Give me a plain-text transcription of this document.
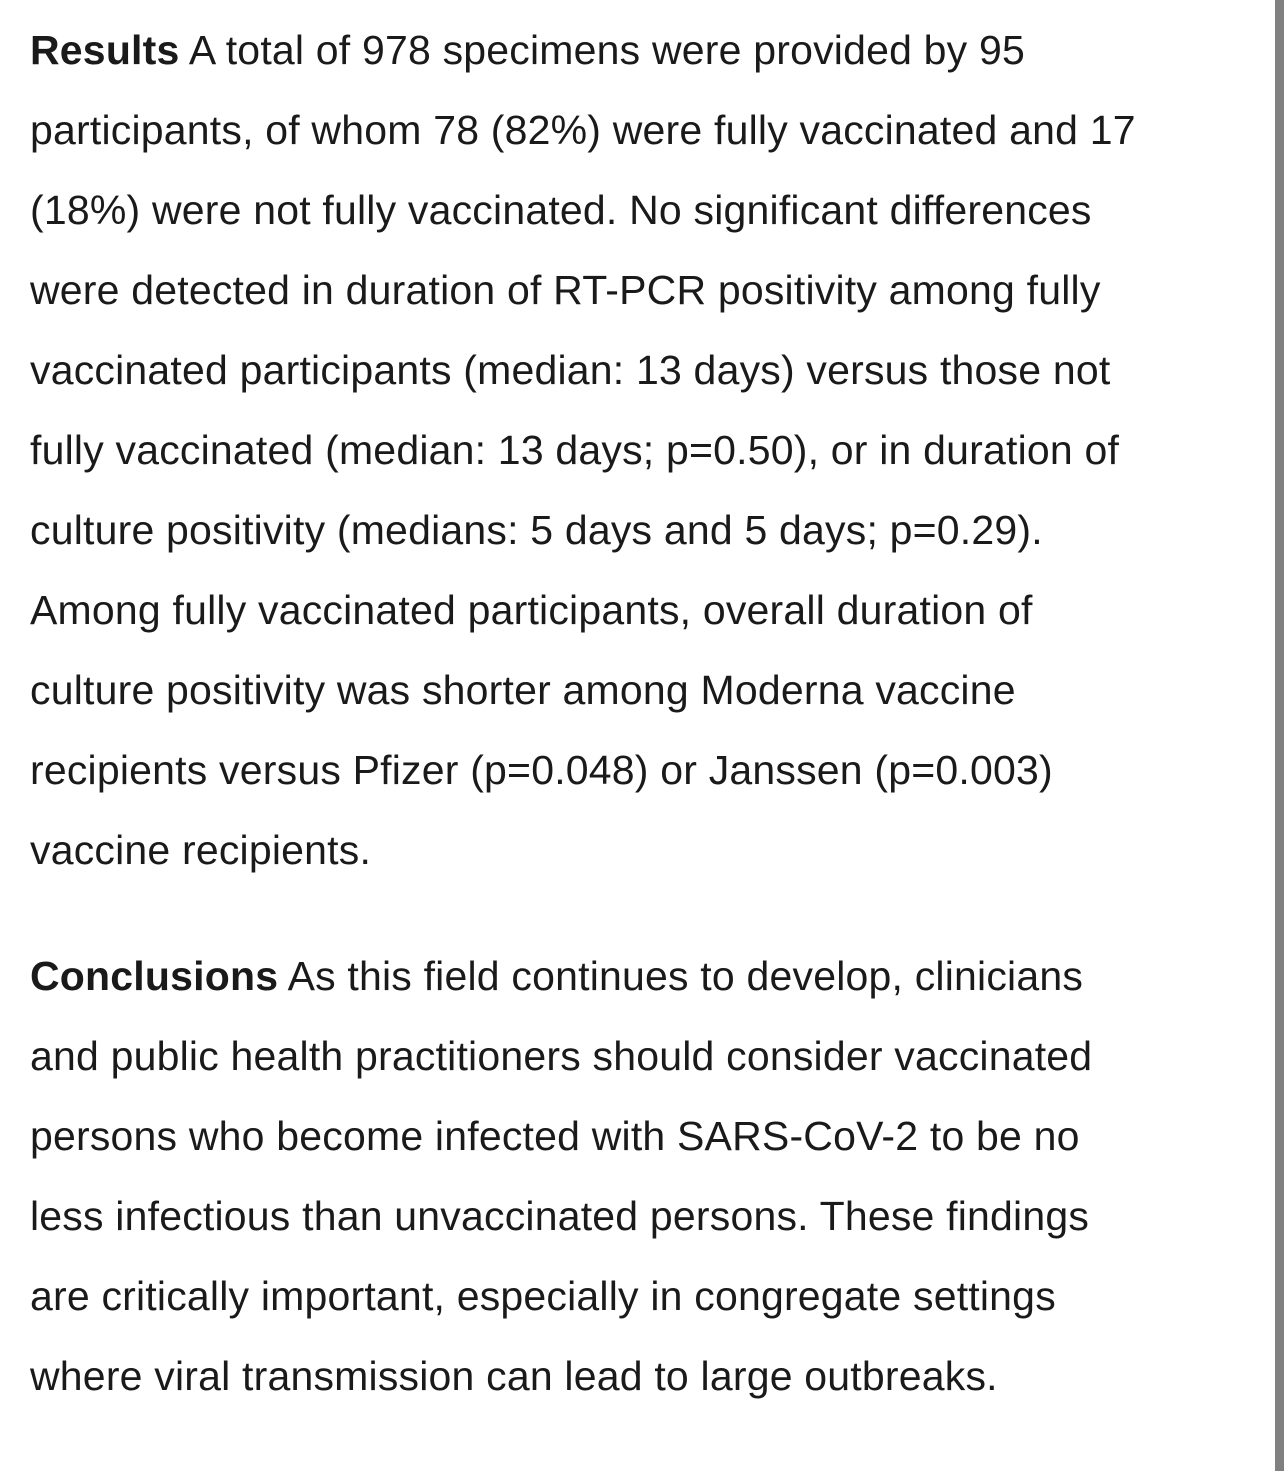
Results A total of 978 specimens were provided by 95
participants, of whom 78 (82%) were fully vaccinated and 17
(18%) were not fully vaccinated. No significant differences
were detected in duration of RT-PCR positivity among fully
vaccinated participants (median: 13 days) versus those not
fully vaccinated (median: 13 days; p=0.50), or in duration of
culture positivity (medians: 5 days and 5 days; p=0.29).
Among fully vaccinated participants, overall duration of
culture positivity was shorter among Moderna vaccine
recipients versus Pfizer (p=0.048) or Janssen (p=0.003)
vaccine recipients.
Conclusions As this field continues to develop, clinicians
and public health practitioners should consider vaccinated
persons who become infected with SARS-CoV-2 to be no
less infectious than unvaccinated persons. These findings
are critically important, especially in congregate settings
where viral transmission can lead to large outbreaks.
